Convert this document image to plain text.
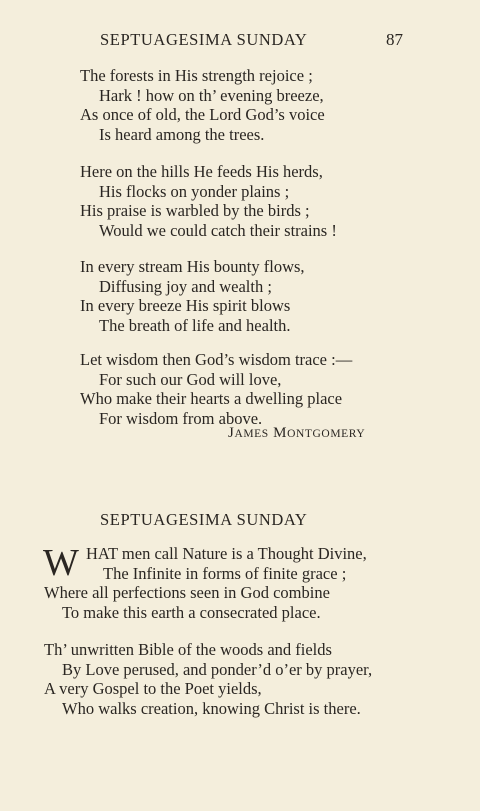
SEPTUAGESIMA SUNDAY	87
The forests in His strength rejoice ;
Hark ! how on th’ evening breeze,
As once of old, the Lord God’s voice
Is heard among the trees.
Here on the hills He feeds His herds,
His flocks on yonder plains ;
His praise is warbled by the birds ;
Would we could catch their strains !
In every stream His bounty flows,
Diffusing joy and wealth ;
In every breeze His spirit blows
The breath of life and health.
Let wisdom then God’s wisdom trace :—
For such our God will love,
Who make their hearts a dwelling place
For wisdom from above.
JAMES MONTGOMERY
SEPTUAGESIMA SUNDAY
W HAT men call Nature is a Thought Divine,
The Infinite in forms of finite grace ;
Where all perfections seen in God combine
To make this earth a consecrated place.
Th’ unwritten Bible of the woods and fields
By Love perused, and ponder’d o’er by prayer,
A very Gospel to the Poet yields,
Who walks creation, knowing Christ is there.
